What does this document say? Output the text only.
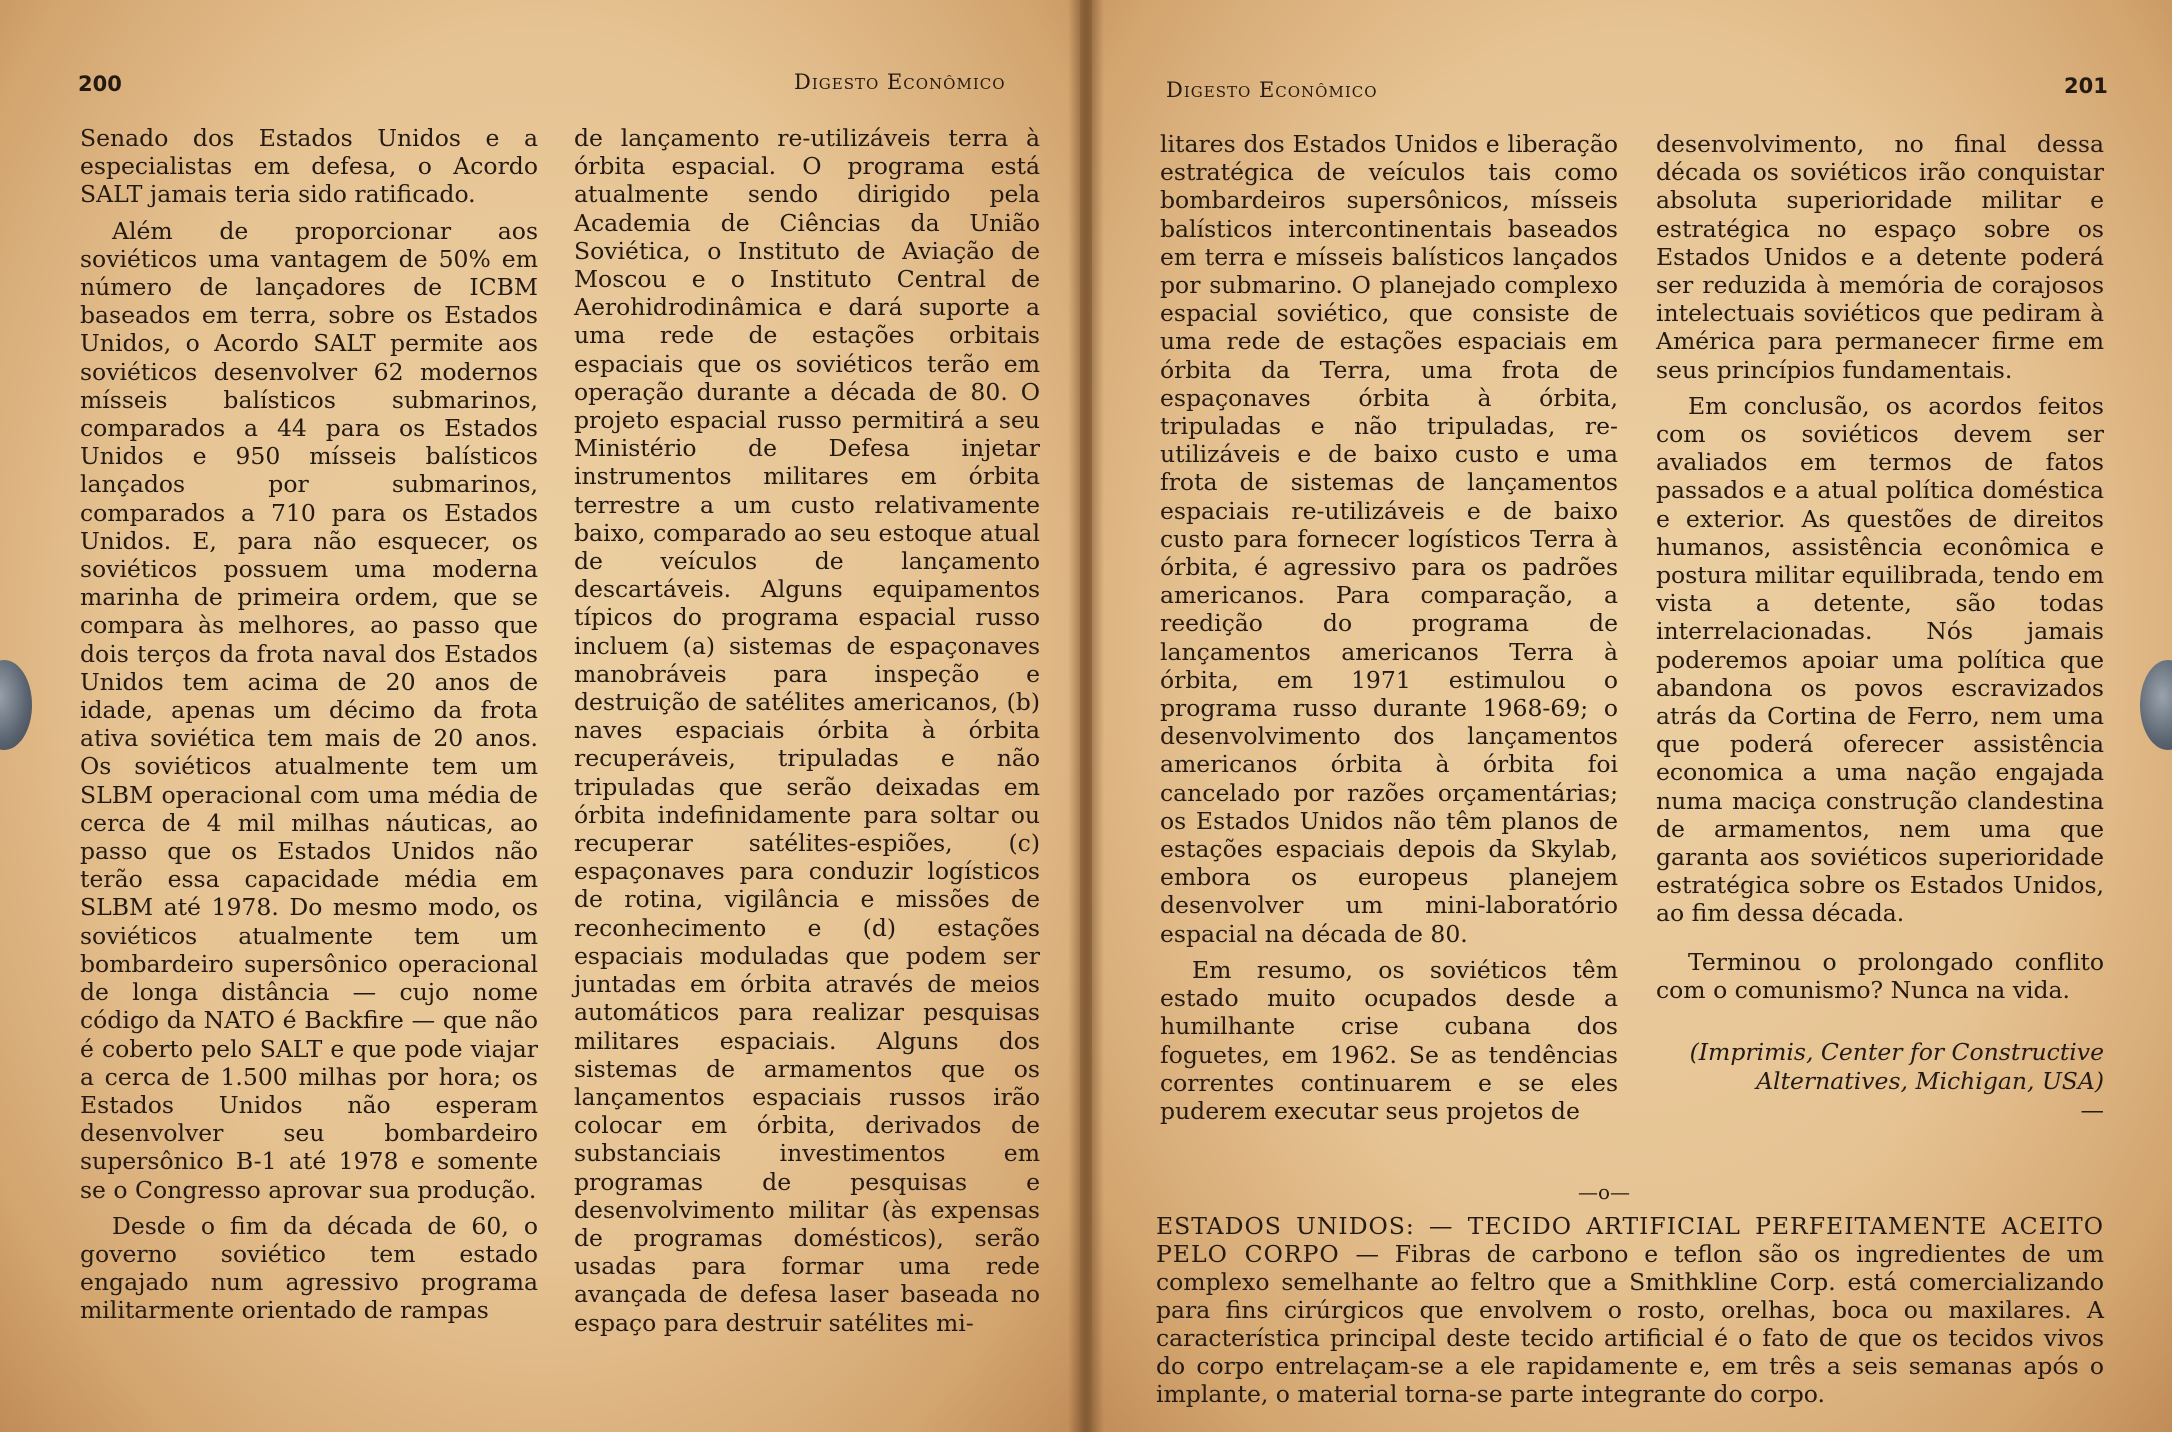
200	Digesto Econômico

Senado dos Estados Unidos e a especialistas em defesa, o Acordo SALT jamais teria sido ratificado.

Além de proporcionar aos soviéticos uma vantagem de 50% em número de lançadores de ICBM baseados em terra, sobre os Estados Unidos, o Acordo SALT permite aos soviéticos desenvolver 62 modernos mísseis balísticos submarinos, comparados a 44 para os Estados Unidos e 950 mísseis balísticos lançados por submarinos, comparados a 710 para os Estados Unidos. E, para não esquecer, os soviéticos possuem uma moderna marinha de primeira ordem, que se compara às melhores, ao passo que dois terços da frota naval dos Estados Unidos tem acima de 20 anos de idade, apenas um décimo da frota ativa soviética tem mais de 20 anos. Os soviéticos atualmente tem um SLBM operacional com uma média de cerca de 4 mil milhas náuticas, ao passo que os Estados Unidos não terão essa capacidade média em SLBM até 1978. Do mesmo modo, os soviéticos atualmente tem um bombardeiro supersônico operacional de longa distância — cujo nome código da NATO é Backfire — que não é coberto pelo SALT e que pode viajar a cerca de 1.500 milhas por hora; os Estados Unidos não esperam desenvolver seu bombardeiro supersônico B-1 até 1978 e somente se o Congresso aprovar sua produção.

Desde o fim da década de 60, o governo soviético tem estado engajado num agressivo programa militarmente orientado de rampas

de lançamento re-utilizáveis terra à órbita espacial. O programa está atualmente sendo dirigido pela Academia de Ciências da União Soviética, o Instituto de Aviação de Moscou e o Instituto Central de Aerohidrodinâmica e dará suporte a uma rede de estações orbitais espaciais que os soviéticos terão em operação durante a década de 80. O projeto espacial russo permitirá a seu Ministério de Defesa injetar instrumentos militares em órbita terrestre a um custo relativamente baixo, comparado ao seu estoque atual de veículos de lançamento descartáveis. Alguns equipamentos típicos do programa espacial russo incluem (a) sistemas de espaçonaves manobráveis para inspeção e destruição de satélites americanos, (b) naves espaciais órbita à órbita recuperáveis, tripuladas e não tripuladas que serão deixadas em órbita indefinidamente para soltar ou recuperar satélites-espiões, (c) espaçonaves para conduzir logísticos de rotina, vigilância e missões de reconhecimento e (d) estações espaciais moduladas que podem ser juntadas em órbita através de meios automáticos para realizar pesquisas militares espaciais. Alguns dos sistemas de armamentos que os lançamentos espaciais russos irão colocar em órbita, derivados de substanciais investimentos em programas de pesquisas e desenvolvimento militar (às expensas de programas domésticos), serão usadas para formar uma rede avançada de defesa laser baseada no espaço para destruir satélites mi-

Digesto Econômico	201

litares dos Estados Unidos e liberação estratégica de veículos tais como bombardeiros supersônicos, mísseis balísticos intercontinentais baseados em terra e mísseis balísticos lançados por submarino. O planejado complexo espacial soviético, que consiste de uma rede de estações espaciais em órbita da Terra, uma frota de espaçonaves órbita à órbita, tripuladas e não tripuladas, re-utilizáveis e de baixo custo e uma frota de sistemas de lançamentos espaciais re-utilizáveis e de baixo custo para fornecer logísticos Terra à órbita, é agressivo para os padrões americanos. Para comparação, a reedição do programa de lançamentos americanos Terra à órbita, em 1971 estimulou o programa russo durante 1968-69; o desenvolvimento dos lançamentos americanos órbita à órbita foi cancelado por razões orçamentárias; os Estados Unidos não têm planos de estações espaciais depois da Skylab, embora os europeus planejem desenvolver um mini-laboratório espacial na década de 80.

Em resumo, os soviéticos têm estado muito ocupados desde a humilhante crise cubana dos foguetes, em 1962. Se as tendências correntes continuarem e se eles puderem executar seus projetos de

desenvolvimento, no final dessa década os soviéticos irão conquistar absoluta superioridade militar e estratégica no espaço sobre os Estados Unidos e a detente poderá ser reduzida à memória de corajosos intelectuais soviéticos que pediram à América para permanecer firme em seus princípios fundamentais.

Em conclusão, os acordos feitos com os soviéticos devem ser avaliados em termos de fatos passados e a atual política doméstica e exterior. As questões de direitos humanos, assistência econômica e postura militar equilibrada, tendo em vista a detente, são todas interrelacionadas. Nós jamais poderemos apoiar uma política que abandona os povos escravizados atrás da Cortina de Ferro, nem uma que poderá oferecer assistência economica a uma nação engajada numa maciça construção clandestina de armamentos, nem uma que garanta aos soviéticos superioridade estratégica sobre os Estados Unidos, ao fim dessa década.

Terminou o prolongado conflito com o comunismo? Nunca na vida.

(Imprimis, Center for Constructive
Alternatives, Michigan, USA)
—
—o—
ESTADOS UNIDOS: — TECIDO ARTIFICIAL PERFEITAMENTE ACEITO PELO CORPO — Fibras de carbono e teflon são os ingredientes de um complexo semelhante ao feltro que a Smithkline Corp. está comercializando para fins cirúrgicos que envolvem o rosto, orelhas, boca ou maxilares. A característica principal deste tecido artificial é o fato de que os tecidos vivos do corpo entrelaçam-se a ele rapidamente e, em três a seis semanas após o implante, o material torna-se parte integrante do corpo.
